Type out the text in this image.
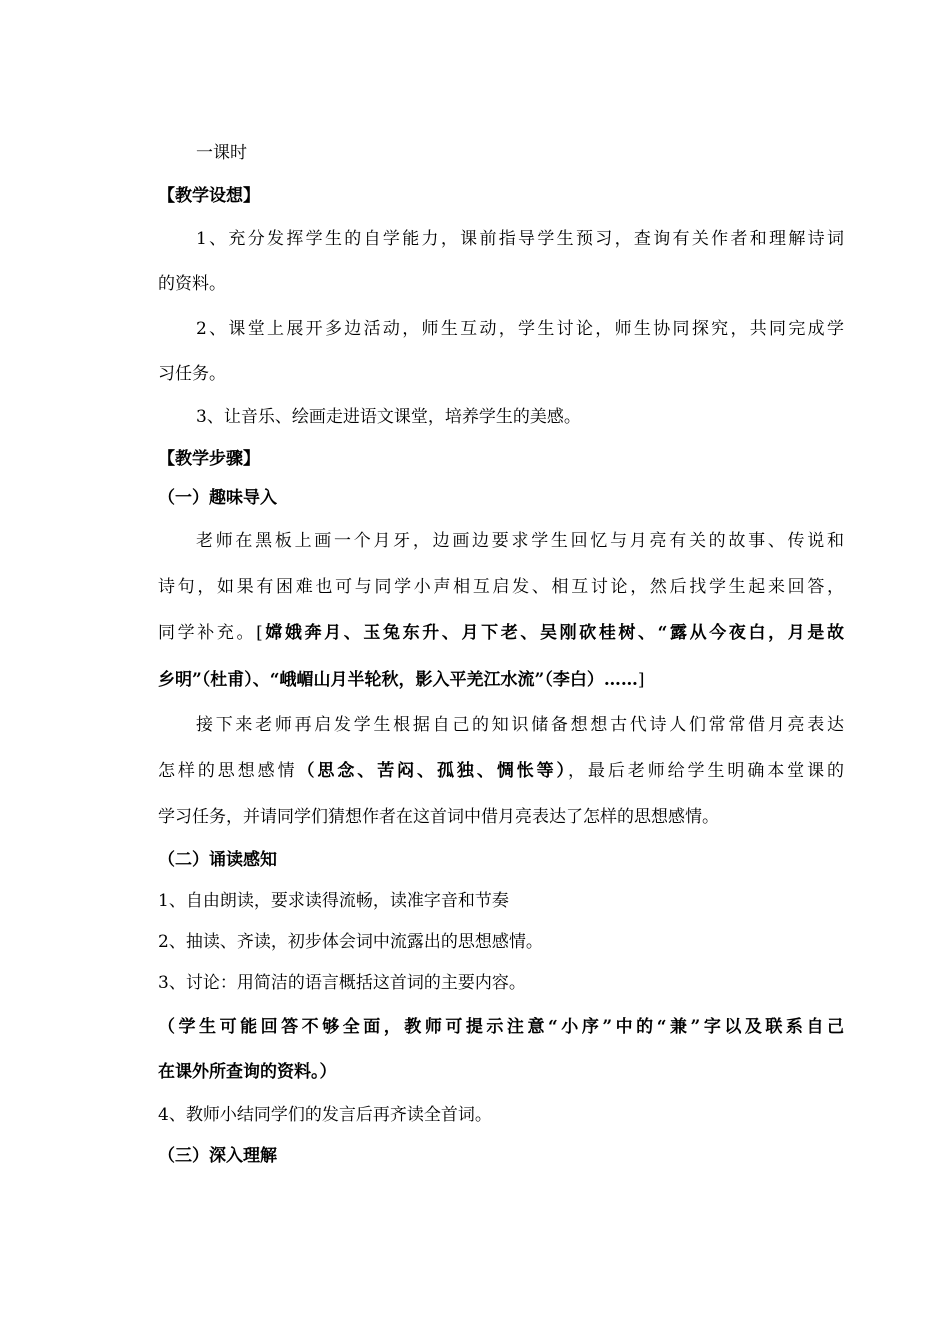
一课时
【教学设想】
1、充分发挥学生的自学能力，课前指导学生预习，查询有关作者和理解诗词
的资料。
2、课堂上展开多边活动，师生互动，学生讨论，师生协同探究，共同完成学
习任务。
3、让音乐、绘画走进语文课堂，培养学生的美感。
【教学步骤】
（一）趣味导入
老师在黑板上画一个月牙，边画边要求学生回忆与月亮有关的故事、传说和
诗句，如果有困难也可与同学小声相互启发、相互讨论，然后找学生起来回答，
同学补充。[嫦娥奔月、玉兔东升、月下老、吴刚砍桂树、“露从今夜白，月是故
乡明”（杜甫）、“峨嵋山月半轮秋，影入平羌江水流”（李白）……]
接下来老师再启发学生根据自己的知识储备想想古代诗人们常常借月亮表达
怎样的思想感情（思念、苦闷、孤独、惆怅等），最后老师给学生明确本堂课的
学习任务，并请同学们猜想作者在这首词中借月亮表达了怎样的思想感情。
（二）诵读感知
1、自由朗读，要求读得流畅，读准字音和节奏
2、抽读、齐读，初步体会词中流露出的思想感情。
3、讨论：用简洁的语言概括这首词的主要内容。
（学生可能回答不够全面，教师可提示注意“小序”中的“兼”字以及联系自己
在课外所查询的资料。）
4、教师小结同学们的发言后再齐读全首词。
（三）深入理解
